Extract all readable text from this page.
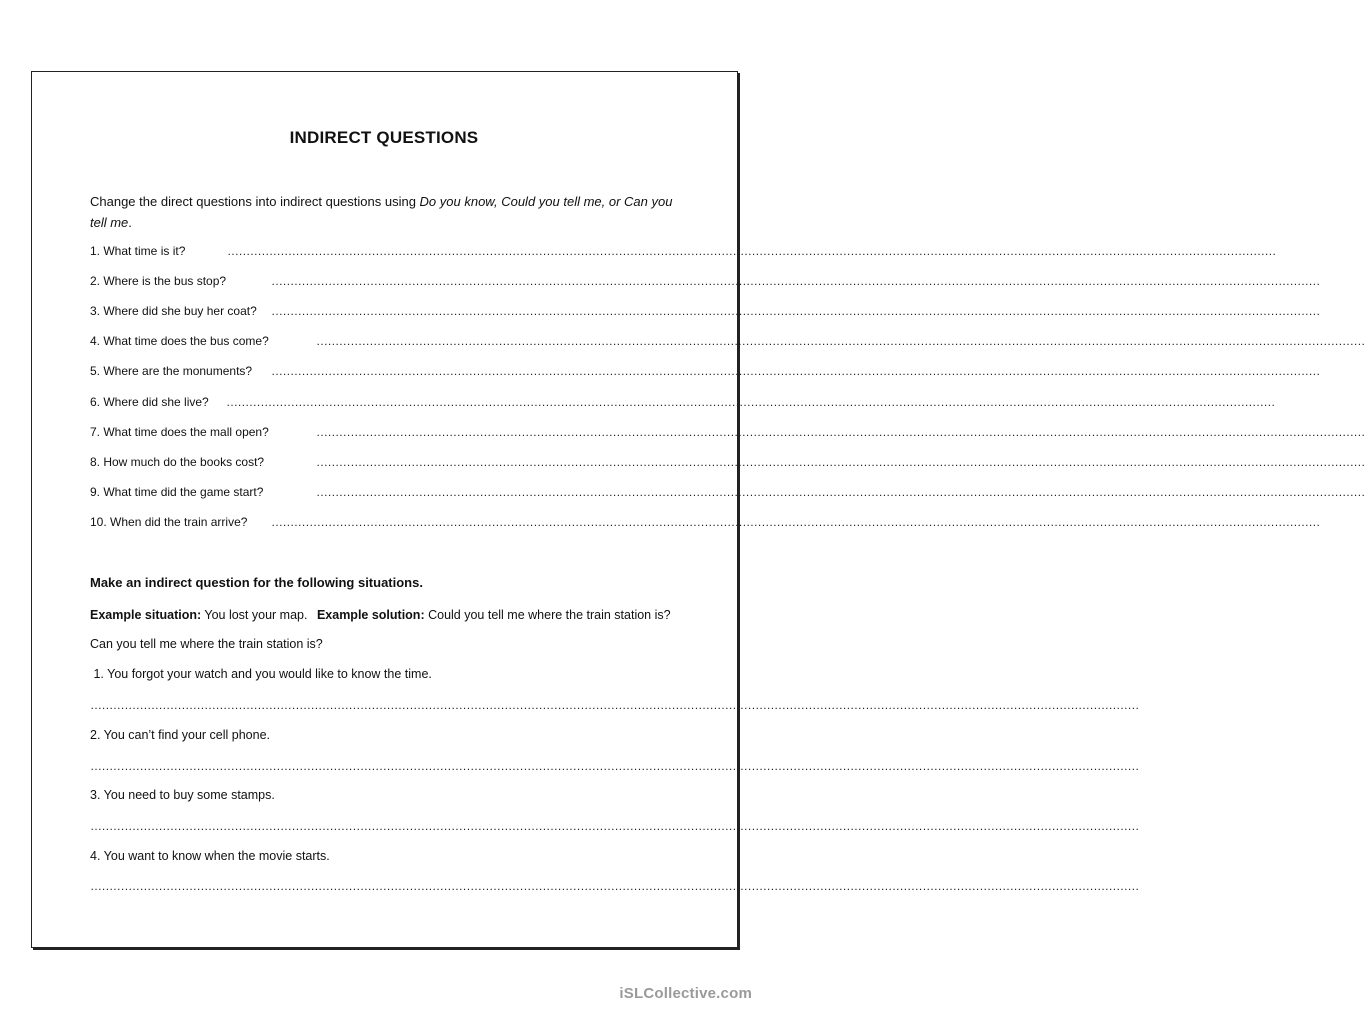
INDIRECT QUESTIONS
Change the direct questions into indirect questions using Do you know, Could you tell me, or Can you tell me.
1. What time is it?	……………………………………………………………………………………………………………………………………………………………………………………………………………………………………………………
2. Where is the bus stop?	……………………………………………………………………………………………………………………………………………………………………………………………………………………………………………………
3. Where did she buy her coat? ……………………………………………………………………………………………………………………………………………………………………………………………………………………………………………………
4. What time does the bus come?	……………………………………………………………………………………………………………………………………………………………………………………………………………………………………………………
5. Where are the monuments? ……………………………………………………………………………………………………………………………………………………………………………………………………………………………………………………
6. Where did she live? ……………………………………………………………………………………………………………………………………………………………………………………………………………………………………………………
7. What time does the mall open?	……………………………………………………………………………………………………………………………………………………………………………………………………………………………………………………
8. How much do the books cost?	……………………………………………………………………………………………………………………………………………………………………………………………………………………………………………………
9. What time did the game start?	……………………………………………………………………………………………………………………………………………………………………………………………………………………………………………………
10. When did the train arrive? ……………………………………………………………………………………………………………………………………………………………………………………………………………………………………………………
Make an indirect question for the following situations.
Example situation: You lost your map. Example solution: Could you tell me where the train station is?
Can you tell me where the train station is?
1. You forgot your watch and you would like to know the time.
……………………………………………………………………………………………………………………………………………………………………………………………………………………………………………………
2. You can’t find your cell phone.
……………………………………………………………………………………………………………………………………………………………………………………………………………………………………………………
3. You need to buy some stamps.
……………………………………………………………………………………………………………………………………………………………………………………………………………………………………………………
4. You want to know when the movie starts.
……………………………………………………………………………………………………………………………………………………………………………………………………………………………………………………
iSLCollective.com
